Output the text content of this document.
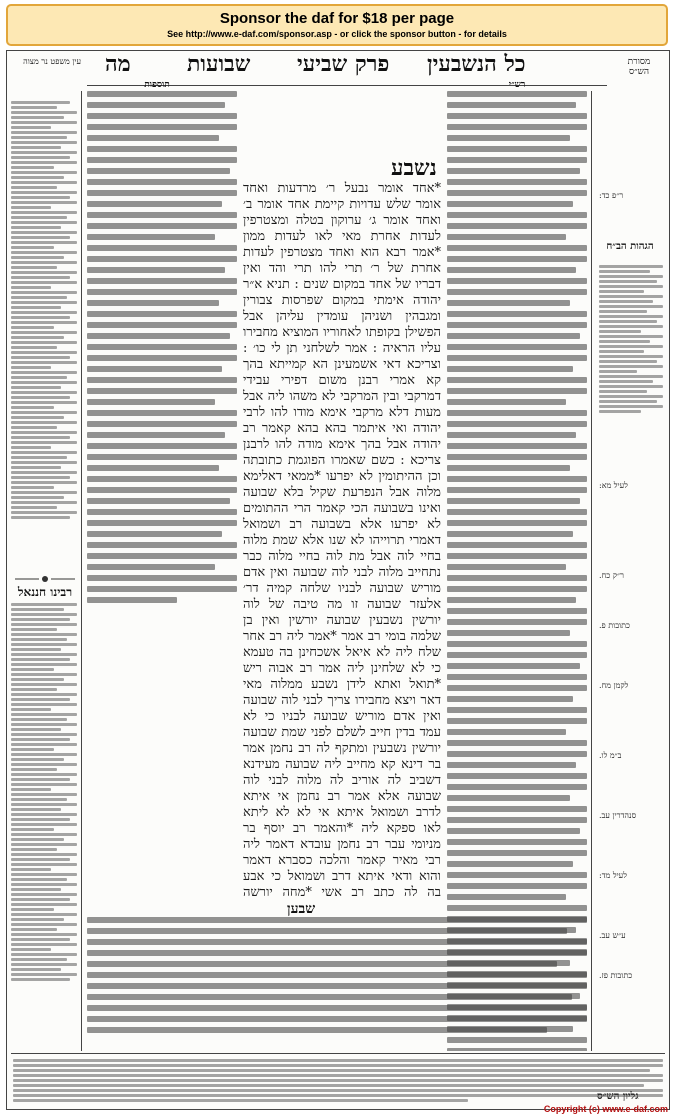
Sponsor the daf for $18 per page
See http://www.e-daf.com/sponsor.asp - or click the sponsor button - for details
עין משפט נר מצוה מה	שבועות פרק שביעי כל הנשבעין	מסורת הש״ס
רבינו חננאל
תוספות	רש״י
נשבע
*אחד אומר נבעל ר׳ מרדעות ואחד אומר שלש עדויות קיימת אחד אומר ב׳ ואחד אומר ג׳ ערוקון בטלה ומצטרפין לעדות אחרת מאי לאו לעדות ממון *אמר רבא הוא ואחד מצטרפין לעדות אחרת של ר׳ תרי להו תרי והד ואין דבריו של אחד במקום שנים : תניא א״ר יהודה אימתי במקום שפרסות צבורין ומגבהין ושניהן עומדין עליהן אבל הפשילן בקופתו לאחוריו המוציא מחבירו עליו הראיה : אמר לשלחני תן לי כו׳ : וצריכא דאי אשמעינן הא קמייתא בהך קא אמרי רבנן משום דפירי עבידי דמרקבי ובין המרקבי לא משהו ליה אבל מעות דלא מרקבי אימא מודו להו לרבי יהודה ואי איתמר בהא בהא קאמר רב יהודה אבל בהך אימא מודה להו לרבנן צריכא : כשם שאמרו הפוגמת כתובתה וכן ההיתומין לא יפרעו *ממאי דאלימא מלוה אבל הנפרעת שקיל בלא שבועה ואינו בשבועה הכי קאמר הרי ההתומים לא יפרעו אלא בשבועה רב ושמואל דאמרי תרוייהו לא שנו אלא שמת מלוה בחיי לוה אבל מת לוה בחיי מלוה כבר נתחייב מלוה לבני לוה שבועה ואין אדם מוריש שבועה לבניו שלחה קמיה דר׳ אלעזר שבועה זו מה טיבה של לוה יורשין נשבעין שבועה יורשין ואין בן שלמה בומי רב אמר *אמר ליה רב אחר שלח ליה לא איאל אשכחינן בה טעמא כי לא שלחינן ליה אמר רב אבוה ריש *תואל ואתא לידן נשבע ממלוה מאי דאר ויצא מחבירו צריך לבני לוה שבועה ואין אדם מוריש שבועה לבניו כי לא עמד בדין חייב לשלם לפני שמת שבועה יורשין נשבעין ומתקף לה רב נחמן אמר בר דינא קא מחייב ליה שבועה מעידנא דשביב לה אוריב לה מלוה לבני לוה שבועה אלא אמר רב נחמן אי איתא לדרב ושמואל איתא אי לא לא ליתא לאו ספקא ליה *והאמר רב יוסף בר מניומי עבר רב נחמן עובדא דאמר ליה רבי מאיר קאמר והלכה כסברא דאמר והוא ודאי איתא דרב ושמואל כי אבע בה לה כתב רב אשי *מחה יורשה
שבען
הגהות הב״ח
ר״פ כד:
לעיל מא:
ר״ק כח.
כתובות פ.
לקמן מח.
ב״מ לו.
סנהדרין עב.
לעיל מד:
ע״ש עב.
כתובות פז.
גליון הש״ס
Copyright (c) www.e-daf.com
